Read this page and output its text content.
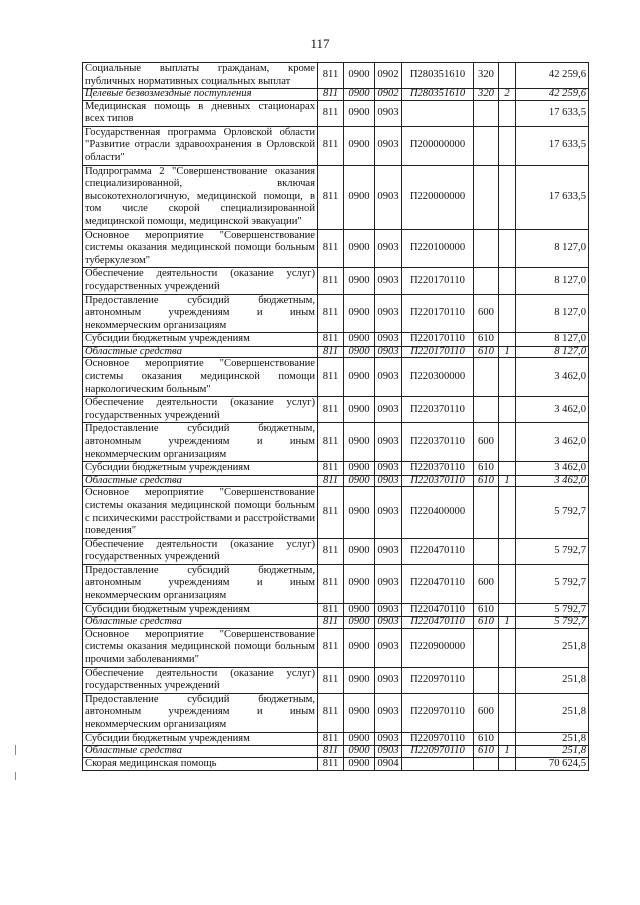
117
Социальные выплаты гражданам, кроме публичных нормативных социальных выплат	811	0900	0902	П280351610	320		42 259,6
Целевые безвозмездные поступления	811	0900	0902	П280351610	320	2	42 259,6
Медицинская помощь в дневных стационарах всех типов	811	0900	0903				17 633,5
Государственная программа Орловской области "Развитие отрасли здравоохранения в Орловской области"	811	0900	0903	П200000000			17 633,5
Подпрограмма 2 "Совершенствование оказания специализированной, включая высокотехнологичную, медицинской помощи, в том числе скорой специализированной медицинской помощи, медицинской эвакуации"	811	0900	0903	П220000000			17 633,5
Основное мероприятие "Совершенствование системы оказания медицинской помощи больным туберкулезом"	811	0900	0903	П220100000			8 127,0
Обеспечение деятельности (оказание услуг) государственных учреждений	811	0900	0903	П220170110			8 127,0
Предоставление субсидий бюджетным, автономным учреждениям и иным некоммерческим организациям	811	0900	0903	П220170110	600		8 127,0
Субсидии бюджетным учреждениям	811	0900	0903	П220170110	610		8 127,0
Областные средства	811	0900	0903	П220170110	610	1	8 127,0
Основное мероприятие "Совершенствование системы оказания медицинской помощи наркологическим больным"	811	0900	0903	П220300000			3 462,0
Обеспечение деятельности (оказание услуг) государственных учреждений	811	0900	0903	П220370110			3 462,0
Предоставление субсидий бюджетным, автономным учреждениям и иным некоммерческим организациям	811	0900	0903	П220370110	600		3 462,0
Субсидии бюджетным учреждениям	811	0900	0903	П220370110	610		3 462,0
Областные средства	811	0900	0903	П220370110	610	1	3 462,0
Основное мероприятие "Совершенствование системы оказания медицинской помощи больным с психическими расстройствами и расстройствами поведения"	811	0900	0903	П220400000			5 792,7
Обеспечение деятельности (оказание услуг) государственных учреждений	811	0900	0903	П220470110			5 792,7
Предоставление субсидий бюджетным, автономным учреждениям и иным некоммерческим организациям	811	0900	0903	П220470110	600		5 792,7
Субсидии бюджетным учреждениям	811	0900	0903	П220470110	610		5 792,7
Областные средства	811	0900	0903	П220470110	610	1	5 792,7
Основное мероприятие "Совершенствование системы оказания медицинской помощи больным прочими заболеваниями"	811	0900	0903	П220900000			251,8
Обеспечение деятельности (оказание услуг) государственных учреждений	811	0900	0903	П220970110			251,8
Предоставление субсидий бюджетным, автономным учреждениям и иным некоммерческим организациям	811	0900	0903	П220970110	600		251,8
Субсидии бюджетным учреждениям	811	0900	0903	П220970110	610		251,8
Областные средства	811	0900	0903	П220970110	610	1	251,8
Скорая медицинская помощь	811	0900	0904				70 624,5
